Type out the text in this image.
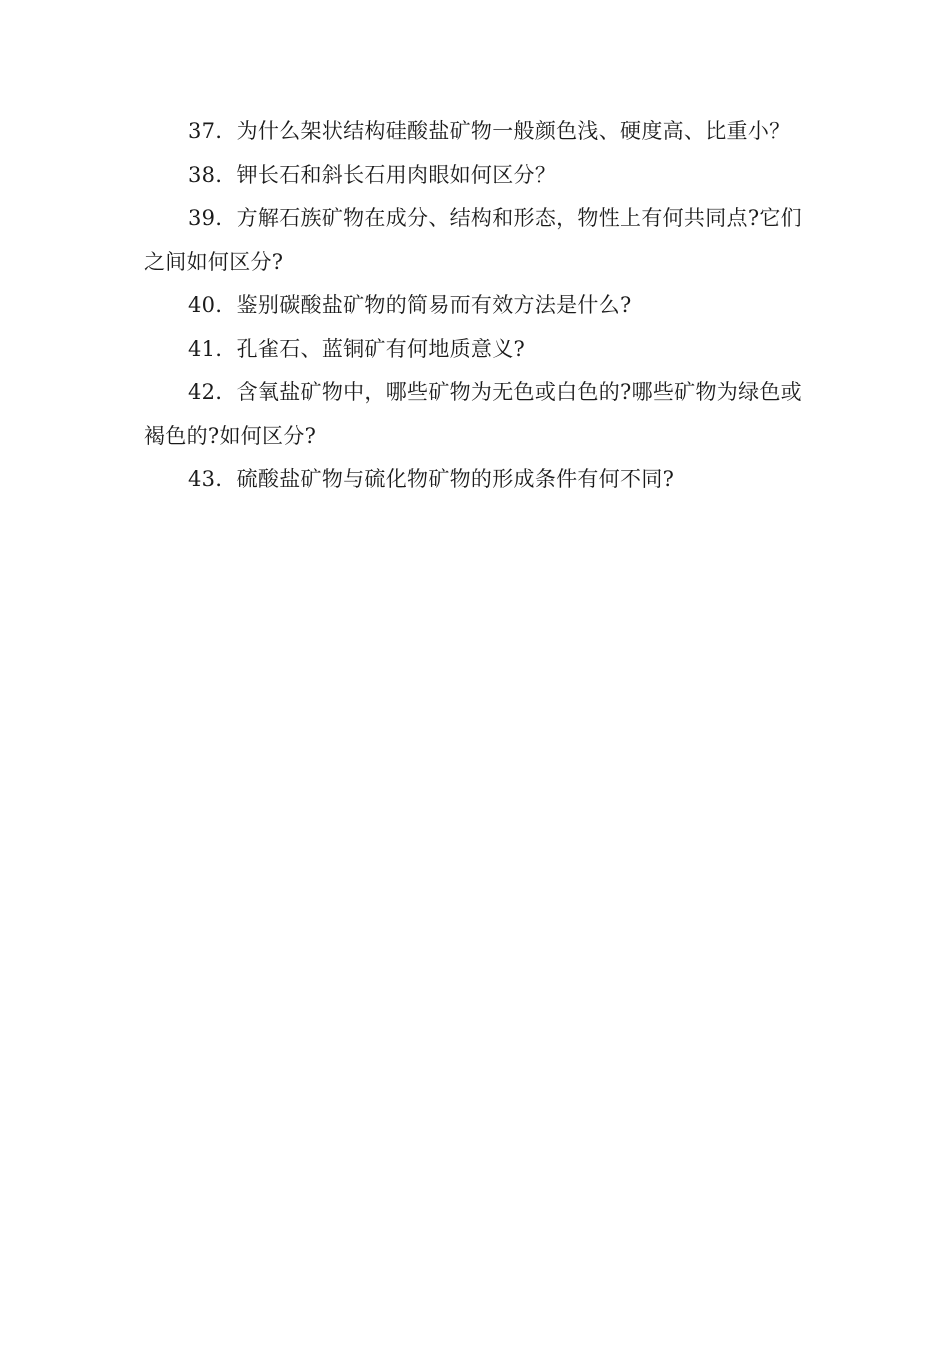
37．为什么架状结构硅酸盐矿物一般颜色浅、硬度高、比重小？

38．钾长石和斜长石用肉眼如何区分？

39．方解石族矿物在成分、结构和形态，物性上有何共同点?它们之间如何区分?

40．鉴别碳酸盐矿物的简易而有效方法是什么?

41．孔雀石、蓝铜矿有何地质意义?

42．含氧盐矿物中，哪些矿物为无色或白色的?哪些矿物为绿色或褐色的?如何区分?

43．硫酸盐矿物与硫化物矿物的形成条件有何不同?
